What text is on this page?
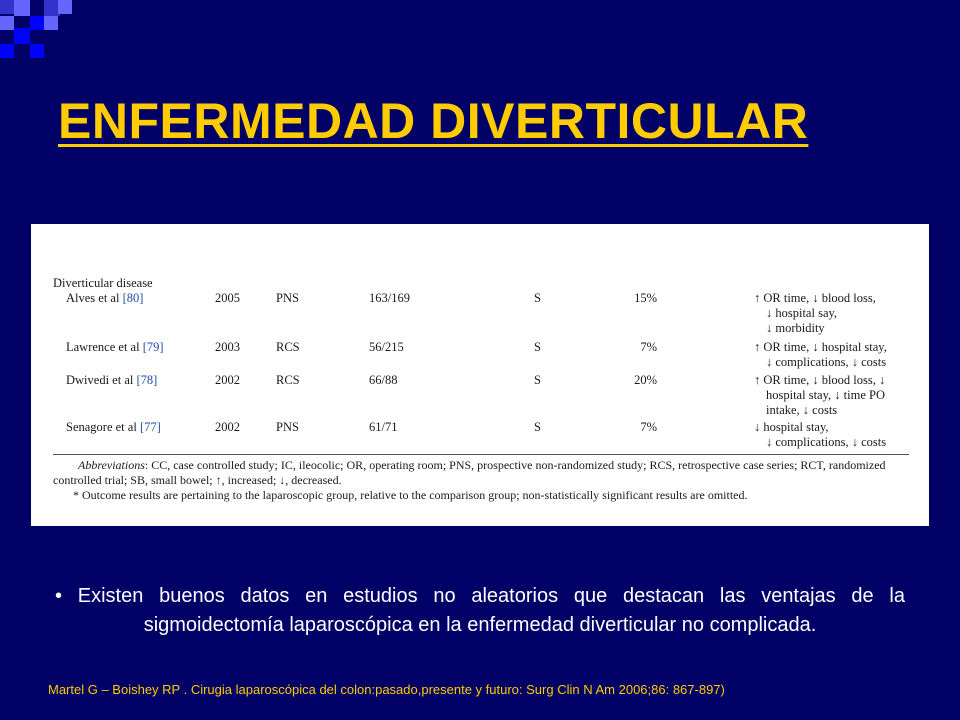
ENFERMEDAD DIVERTICULAR
Diverticular disease
Alves et al [80]	2005	PNS	163/169	S	15%	↑ OR time, ↓ blood loss,
↓ hospital say,
↓ morbidity
Lawrence et al [79]	2003	RCS	56/215	S	7%	↑ OR time, ↓ hospital stay,
↓ complications, ↓ costs
Dwivedi et al [78]	2002	RCS	66/88	S	20%	↑ OR time, ↓ blood loss, ↓
hospital stay, ↓ time PO
intake, ↓ costs
Senagore et al [77]	2002	PNS	61/71	S	7%	↓ hospital stay,
↓ complications, ↓ costs
Abbreviations: CC, case controlled study; IC, ileocolic; OR, operating room; PNS, prospective non-randomized study; RCS, retrospective case series; RCT, randomized controlled trial; SB, small bowel; ↑, increased; ↓, decreased.
* Outcome results are pertaining to the laparoscopic group, relative to the comparison group; non-statistically significant results are omitted.
• Existen buenos datos en estudios no aleatorios que destacan las ventajas de la sigmoidectomía laparoscópica en la enfermedad diverticular no complicada.
Martel G – Boishey RP . Cirugia laparoscópica del colon:pasado,presente y futuro: Surg Clin N Am 2006;86: 867-897)
